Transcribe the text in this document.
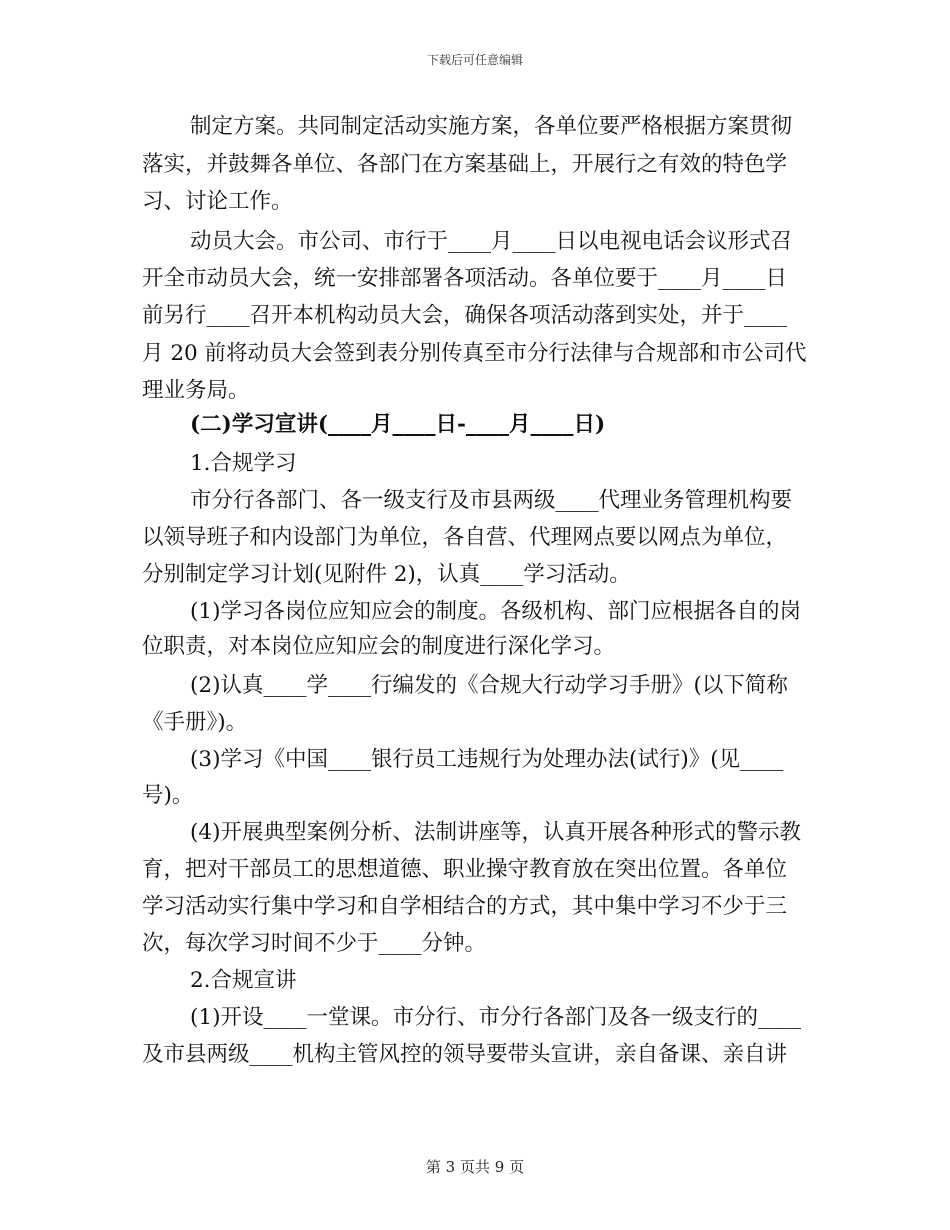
下载后可任意编辑
制定方案。共同制定活动实施方案，各单位要严格根据方案贯彻
落实，并鼓舞各单位、各部门在方案基础上，开展行之有效的特色学
习、讨论工作。
动员大会。市公司、市行于____月____日以电视电话会议形式召
开全市动员大会，统一安排部署各项活动。各单位要于____月____日
前另行____召开本机构动员大会，确保各项活动落到实处，并于____
月 20 前将动员大会签到表分别传真至市分行法律与合规部和市公司代
理业务局。
(二)学习宣讲(____月____日-____月____日)
1.合规学习
市分行各部门、各一级支行及市县两级____代理业务管理机构要
以领导班子和内设部门为单位，各自营、代理网点要以网点为单位，
分别制定学习计划(见附件 2)，认真____学习活动。
(1)学习各岗位应知应会的制度。各级机构、部门应根据各自的岗
位职责，对本岗位应知应会的制度进行深化学习。
(2)认真____学____行编发的《合规大行动学习手册》(以下简称
《手册》)。
(3)学习《中国____银行员工违规行为处理办法(试行)》(见____
号)。
(4)开展典型案例分析、法制讲座等，认真开展各种形式的警示教
育，把对干部员工的思想道德、职业操守教育放在突出位置。各单位
学习活动实行集中学习和自学相结合的方式，其中集中学习不少于三
次，每次学习时间不少于____分钟。
2.合规宣讲
(1)开设____一堂课。市分行、市分行各部门及各一级支行的____
及市县两级____机构主管风控的领导要带头宣讲，亲自备课、亲自讲
第 3 页共 9 页
